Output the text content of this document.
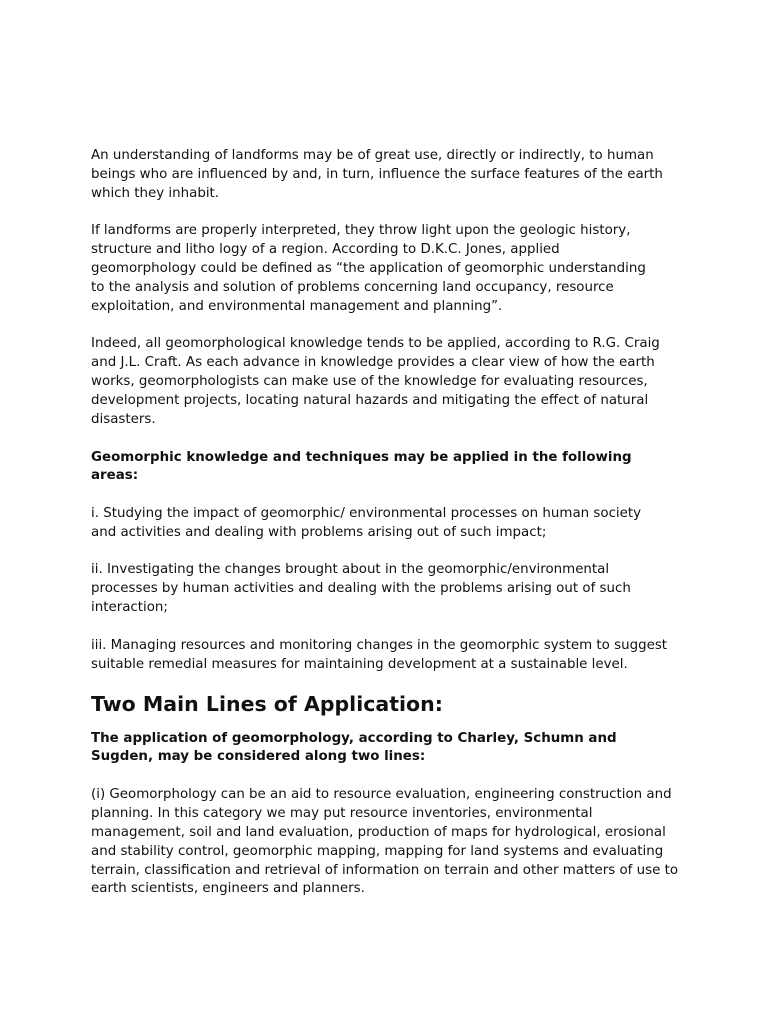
An understanding of landforms may be of great use, directly or indirectly, to human beings who are influenced by and, in turn, influence the surface features of the earth which they inhabit.

If landforms are properly interpreted, they throw light upon the geologic history, structure and litho logy of a region. According to D.K.C. Jones, applied geomorphology could be defined as “the application of geomorphic understanding to the analysis and solution of problems concerning land occupancy, resource exploitation, and environmental management and planning”.

Indeed, all geomorphological knowledge tends to be applied, according to R.G. Craig and J.L. Craft. As each advance in knowledge provides a clear view of how the earth works, geomorphologists can make use of the knowledge for evaluating resources, development projects, locating natural hazards and mitigating the effect of natural disasters.

Geomorphic knowledge and techniques may be applied in the following areas:

i. Studying the impact of geomorphic/ environmental processes on human society and activities and dealing with problems arising out of such impact;

ii. Investigating the changes brought about in the geomorphic/environmental processes by human activities and dealing with the problems arising out of such interaction;

iii. Managing resources and monitoring changes in the geomorphic system to suggest suitable remedial measures for maintaining development at a sustainable level.

Two Main Lines of Application:

The application of geomorphology, according to Charley, Schumn and Sugden, may be considered along two lines:

(i) Geomorphology can be an aid to resource evaluation, engineering construction and planning. In this category we may put resource inventories, environmental management, soil and land evaluation, production of maps for hydrological, erosional and stability control, geomorphic mapping, mapping for land systems and evaluating terrain, classification and retrieval of information on terrain and other matters of use to earth scientists, engineers and planners.
